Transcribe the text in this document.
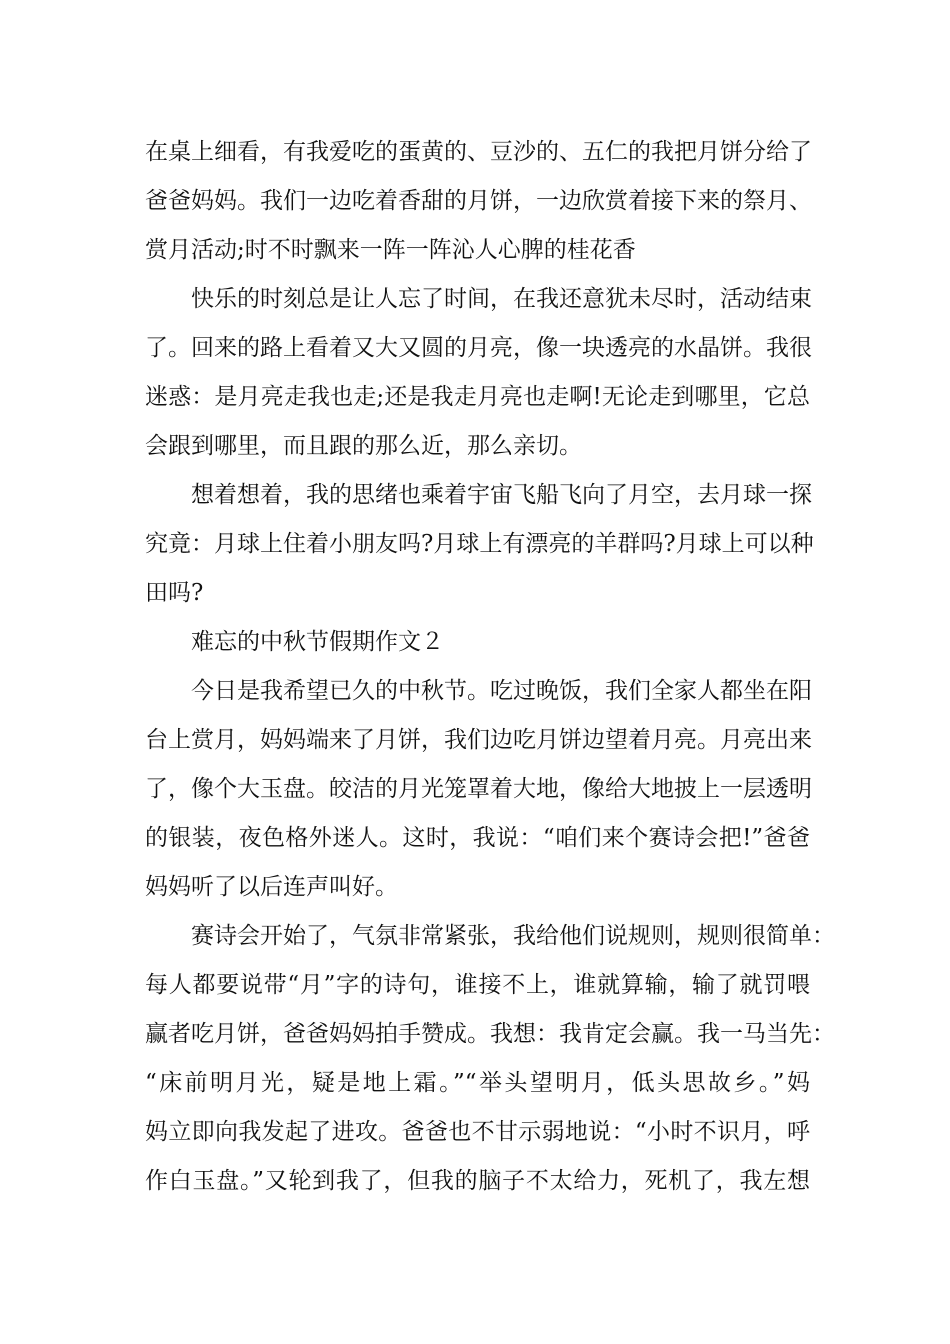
在桌上细看，有我爱吃的蛋黄的、豆沙的、五仁的我把月饼分给了
爸爸妈妈。我们一边吃着香甜的月饼，一边欣赏着接下来的祭月、
赏月活动;时不时飘来一阵一阵沁人心脾的桂花香
快乐的时刻总是让人忘了时间，在我还意犹未尽时，活动结束
了。回来的路上看着又大又圆的月亮，像一块透亮的水晶饼。我很
迷惑：是月亮走我也走;还是我走月亮也走啊!无论走到哪里，它总
会跟到哪里，而且跟的那么近，那么亲切。
想着想着，我的思绪也乘着宇宙飞船飞向了月空，去月球一探
究竟：月球上住着小朋友吗?月球上有漂亮的羊群吗?月球上可以种
田吗?
难忘的中秋节假期作文２
今日是我希望已久的中秋节。吃过晚饭，我们全家人都坐在阳
台上赏月，妈妈端来了月饼，我们边吃月饼边望着月亮。月亮出来
了，像个大玉盘。皎洁的月光笼罩着大地，像给大地披上一层透明
的银装，夜色格外迷人。这时，我说：“咱们来个赛诗会把!”爸爸
妈妈听了以后连声叫好。
赛诗会开始了，气氛非常紧张，我给他们说规则，规则很简单：
每人都要说带“月”字的诗句，谁接不上，谁就算输，输了就罚喂
赢者吃月饼，爸爸妈妈拍手赞成。我想：我肯定会赢。我一马当先：
“床前明月光，疑是地上霜。”“举头望明月，低头思故乡。”妈
妈立即向我发起了进攻。爸爸也不甘示弱地说：“小时不识月，呼
作白玉盘。”又轮到我了，但我的脑子不太给力，死机了，我左想
